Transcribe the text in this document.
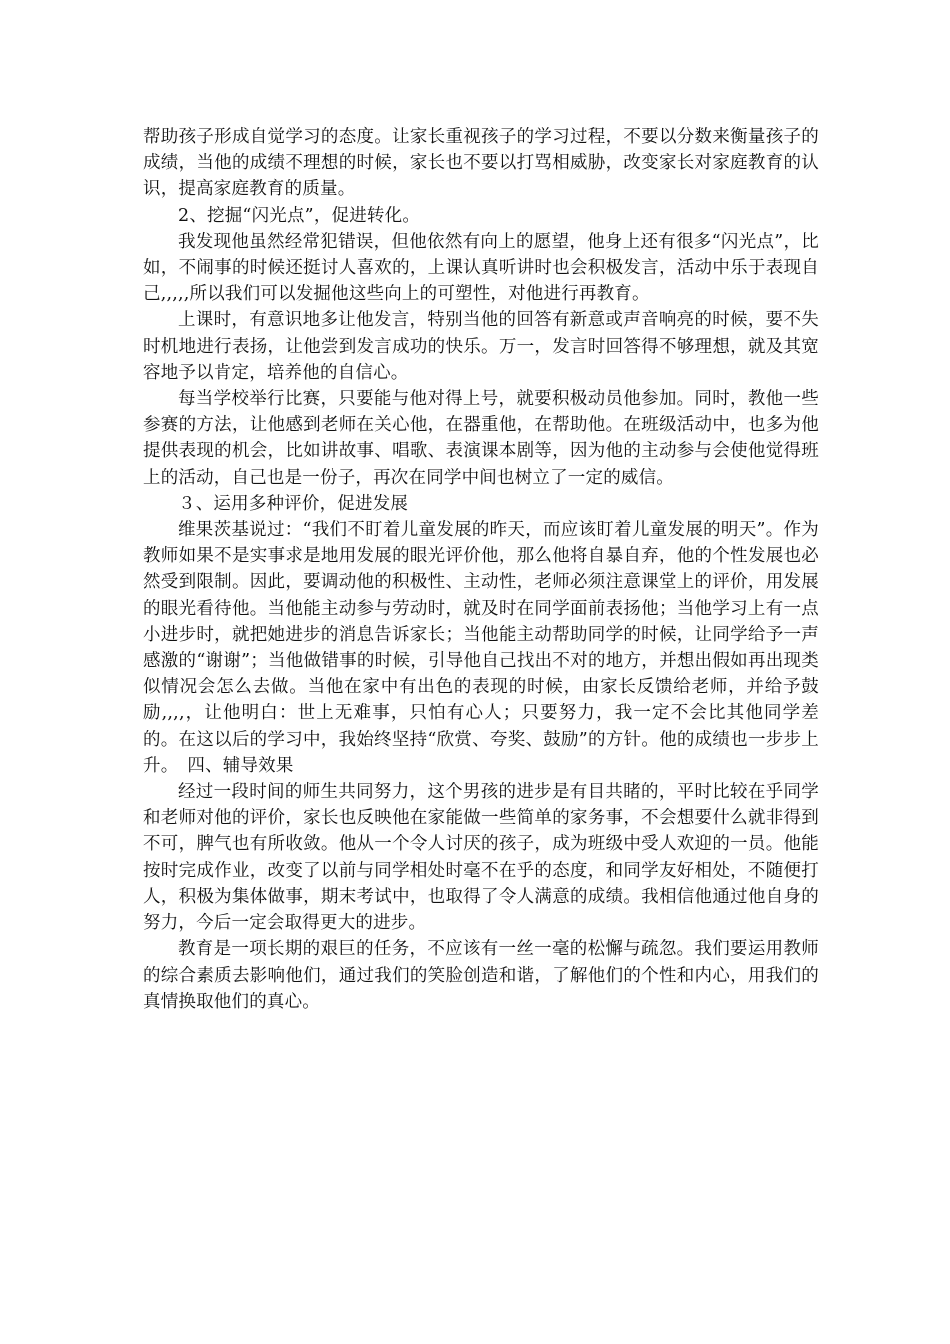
帮助孩子形成自觉学习的态度。让家长重视孩子的学习过程，不要以分数来衡量孩子的成绩，当他的成绩不理想的时候，家长也不要以打骂相威胁，改变家长对家庭教育的认识，提高家庭教育的质量。

2、挖掘“闪光点”，促进转化。

我发现他虽然经常犯错误，但他依然有向上的愿望，他身上还有很多“闪光点”，比如，不闹事的时候还挺讨人喜欢的，上课认真听讲时也会积极发言，活动中乐于表现自己,,,,,所以我们可以发掘他这些向上的可塑性，对他进行再教育。

上课时，有意识地多让他发言，特别当他的回答有新意或声音响亮的时候，要不失时机地进行表扬，让他尝到发言成功的快乐。万一，发言时回答得不够理想，就及其宽容地予以肯定，培养他的自信心。

每当学校举行比赛，只要能与他对得上号，就要积极动员他参加。同时，教他一些参赛的方法，让他感到老师在关心他，在器重他，在帮助他。在班级活动中，也多为他提供表现的机会，比如讲故事、唱歌、表演课本剧等，因为他的主动参与会使他觉得班上的活动，自己也是一份子，再次在同学中间也树立了一定的威信。

３、运用多种评价，促进发展

维果茨基说过：“我们不盯着儿童发展的昨天，而应该盯着儿童发展的明天”。作为教师如果不是实事求是地用发展的眼光评价他，那么他将自暴自弃，他的个性发展也必然受到限制。因此，要调动他的积极性、主动性，老师必须注意课堂上的评价，用发展的眼光看待他。当他能主动参与劳动时，就及时在同学面前表扬他；当他学习上有一点小进步时，就把她进步的消息告诉家长；当他能主动帮助同学的时候，让同学给予一声感激的“谢谢”；当他做错事的时候，引导他自己找出不对的地方，并想出假如再出现类似情况会怎么去做。当他在家中有出色的表现的时候，由家长反馈给老师，并给予鼓励,,,,，让他明白：世上无难事，只怕有心人；只要努力，我一定不会比其他同学差的。在这以后的学习中，我始终坚持“欣赏、夸奖、鼓励”的方针。他的成绩也一步步上升。　四、辅导效果

经过一段时间的师生共同努力，这个男孩的进步是有目共睹的，平时比较在乎同学和老师对他的评价，家长也反映他在家能做一些简单的家务事，不会想要什么就非得到不可，脾气也有所收敛。他从一个令人讨厌的孩子，成为班级中受人欢迎的一员。他能按时完成作业，改变了以前与同学相处时毫不在乎的态度，和同学友好相处，不随便打人，积极为集体做事，期末考试中，也取得了令人满意的成绩。我相信他通过他自身的努力，今后一定会取得更大的进步。

教育是一项长期的艰巨的任务，不应该有一丝一毫的松懈与疏忽。我们要运用教师的综合素质去影响他们，通过我们的笑脸创造和谐，了解他们的个性和内心，用我们的真情换取他们的真心。
